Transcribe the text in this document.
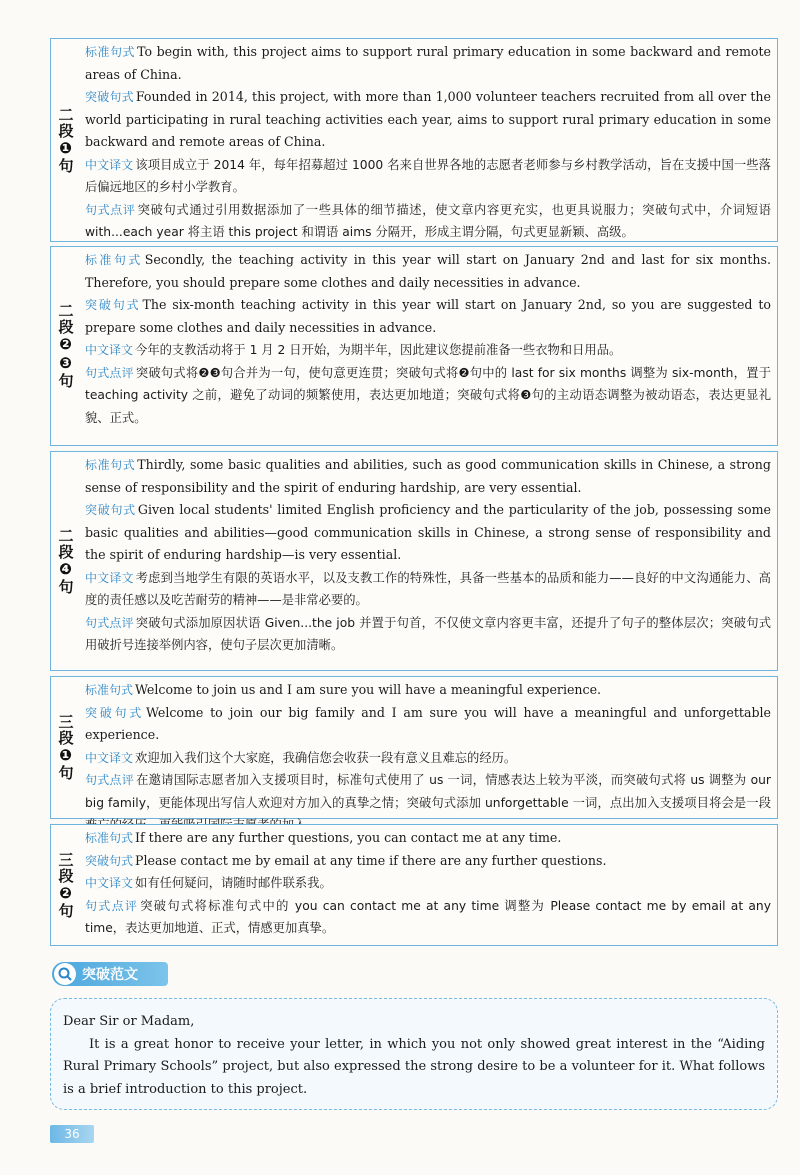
二段❶句
标准句式 To begin with, this project aims to support rural primary education in some backward and remote areas of China.
突破句式 Founded in 2014, this project, with more than 1,000 volunteer teachers recruited from all over the world participating in rural teaching activities each year, aims to support rural primary education in some backward and remote areas of China.
中文译文 该项目成立于 2014 年，每年招募超过 1000 名来自世界各地的志愿者老师参与乡村教学活动，旨在支援中国一些落后偏远地区的乡村小学教育。
句式点评 突破句式通过引用数据添加了一些具体的细节描述，使文章内容更充实，也更具说服力；突破句式中，介词短语 with...each year 将主语 this project 和谓语 aims 分隔开，形成主谓分隔，句式更显新颖、高级。
二段❷❸句
标准句式 Secondly, the teaching activity in this year will start on January 2nd and last for six months. Therefore, you should prepare some clothes and daily necessities in advance.
突破句式 The six-month teaching activity in this year will start on January 2nd, so you are suggested to prepare some clothes and daily necessities in advance.
中文译文 今年的支教活动将于 1 月 2 日开始，为期半年，因此建议您提前准备一些衣物和日用品。
句式点评 突破句式将❷❸句合并为一句，使句意更连贯；突破句式将❷句中的 last for six months 调整为 six-month，置于 teaching activity 之前，避免了动词的频繁使用，表达更加地道；突破句式将❸句的主动语态调整为被动语态，表达更显礼貌、正式。
二段❹句
标准句式 Thirdly, some basic qualities and abilities, such as good communication skills in Chinese, a strong sense of responsibility and the spirit of enduring hardship, are very essential.
突破句式 Given local students' limited English proficiency and the particularity of the job, possessing some basic qualities and abilities—good communication skills in Chinese, a strong sense of responsibility and the spirit of enduring hardship—is very essential.
中文译文 考虑到当地学生有限的英语水平，以及支教工作的特殊性，具备一些基本的品质和能力——良好的中文沟通能力、高度的责任感以及吃苦耐劳的精神——是非常必要的。
句式点评 突破句式添加原因状语 Given...the job 并置于句首，不仅使文章内容更丰富，还提升了句子的整体层次；突破句式用破折号连接举例内容，使句子层次更加清晰。
三段❶句
标准句式 Welcome to join us and I am sure you will have a meaningful experience.
突破句式 Welcome to join our big family and I am sure you will have a meaningful and unforgettable experience.
中文译文 欢迎加入我们这个大家庭，我确信您会收获一段有意义且难忘的经历。
句式点评 在邀请国际志愿者加入支援项目时，标准句式使用了 us 一词，情感表达上较为平淡，而突破句式将 us 调整为 our big family，更能体现出写信人欢迎对方加入的真挚之情；突破句式添加 unforgettable 一词，点出加入支援项目将会是一段
三段❷句
标准句式 If there are any further questions, you can contact me at any time.
突破句式 Please contact me by email at any time if there are any further questions.
中文译文 如有任何疑问，请随时邮件联系我。
句式点评 突破句式将标准句式中的 you can contact me at any time 调整为 Please contact me by email at any time，表达更加地道、正式，情感更加真挚。
突破范文

Dear Sir or Madam,

It is a great honor to receive your letter, in which you not only showed great interest in the “Aiding Rural Primary Schools” project, but also expressed the strong desire to be a volunteer for it. What follows is a brief introduction to this project.

36
